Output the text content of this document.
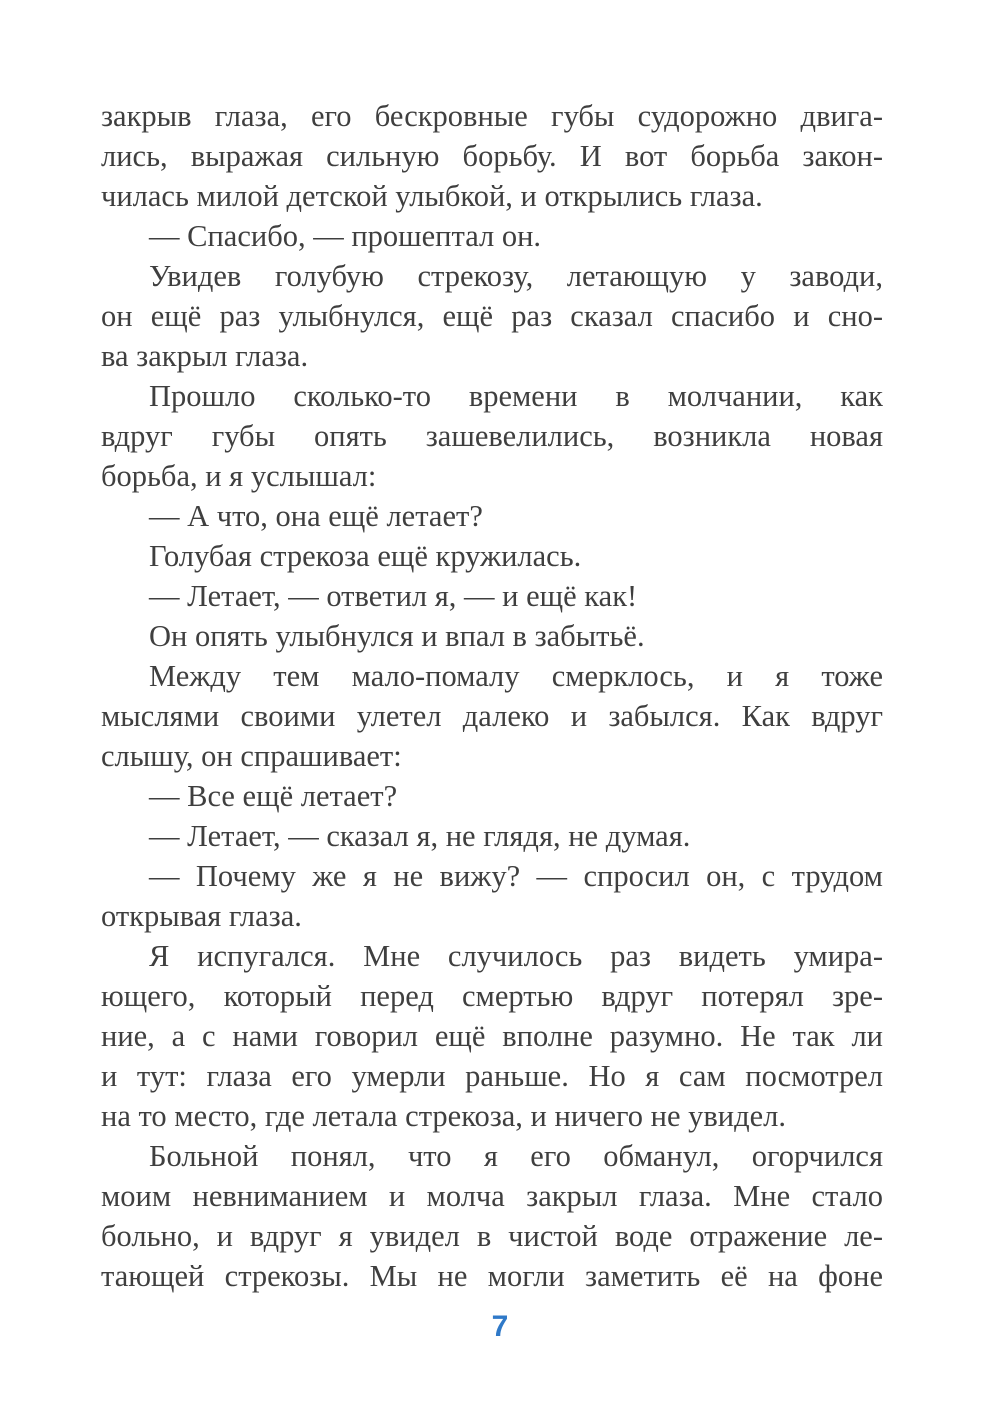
закрыв глаза, его бескровные губы судорожно двига-
лись, выражая сильную борьбу. И вот борьба закон-
чилась милой детской улыбкой, и открылись глаза.
— Спасибо, — прошептал он.
Увидев голубую стрекозу, летающую у заводи,
он ещё раз улыбнулся, ещё раз сказал спасибо и сно-
ва закрыл глаза.
Прошло сколько-то времени в молчании, как
вдруг губы опять зашевелились, возникла новая
борьба, и я услышал:
— А что, она ещё летает?
Голубая стрекоза ещё кружилась.
— Летает, — ответил я, — и ещё как!
Он опять улыбнулся и впал в забытьё.
Между тем мало-помалу смерклось, и я тоже
мыслями своими улетел далеко и забылся. Как вдруг
слышу, он спрашивает:
— Все ещё летает?
— Летает, — сказал я, не глядя, не думая.
— Почему же я не вижу? — спросил он, с трудом
открывая глаза.
Я испугался. Мне случилось раз видеть умира-
ющего, который перед смертью вдруг потерял зре-
ние, а с нами говорил ещё вполне разумно. Не так ли
и тут: глаза его умерли раньше. Но я сам посмотрел
на то место, где летала стрекоза, и ничего не увидел.
Больной понял, что я его обманул, огорчился
моим невниманием и молча закрыл глаза. Мне стало
больно, и вдруг я увидел в чистой воде отражение ле-
тающей стрекозы. Мы не могли заметить её на фоне
7
